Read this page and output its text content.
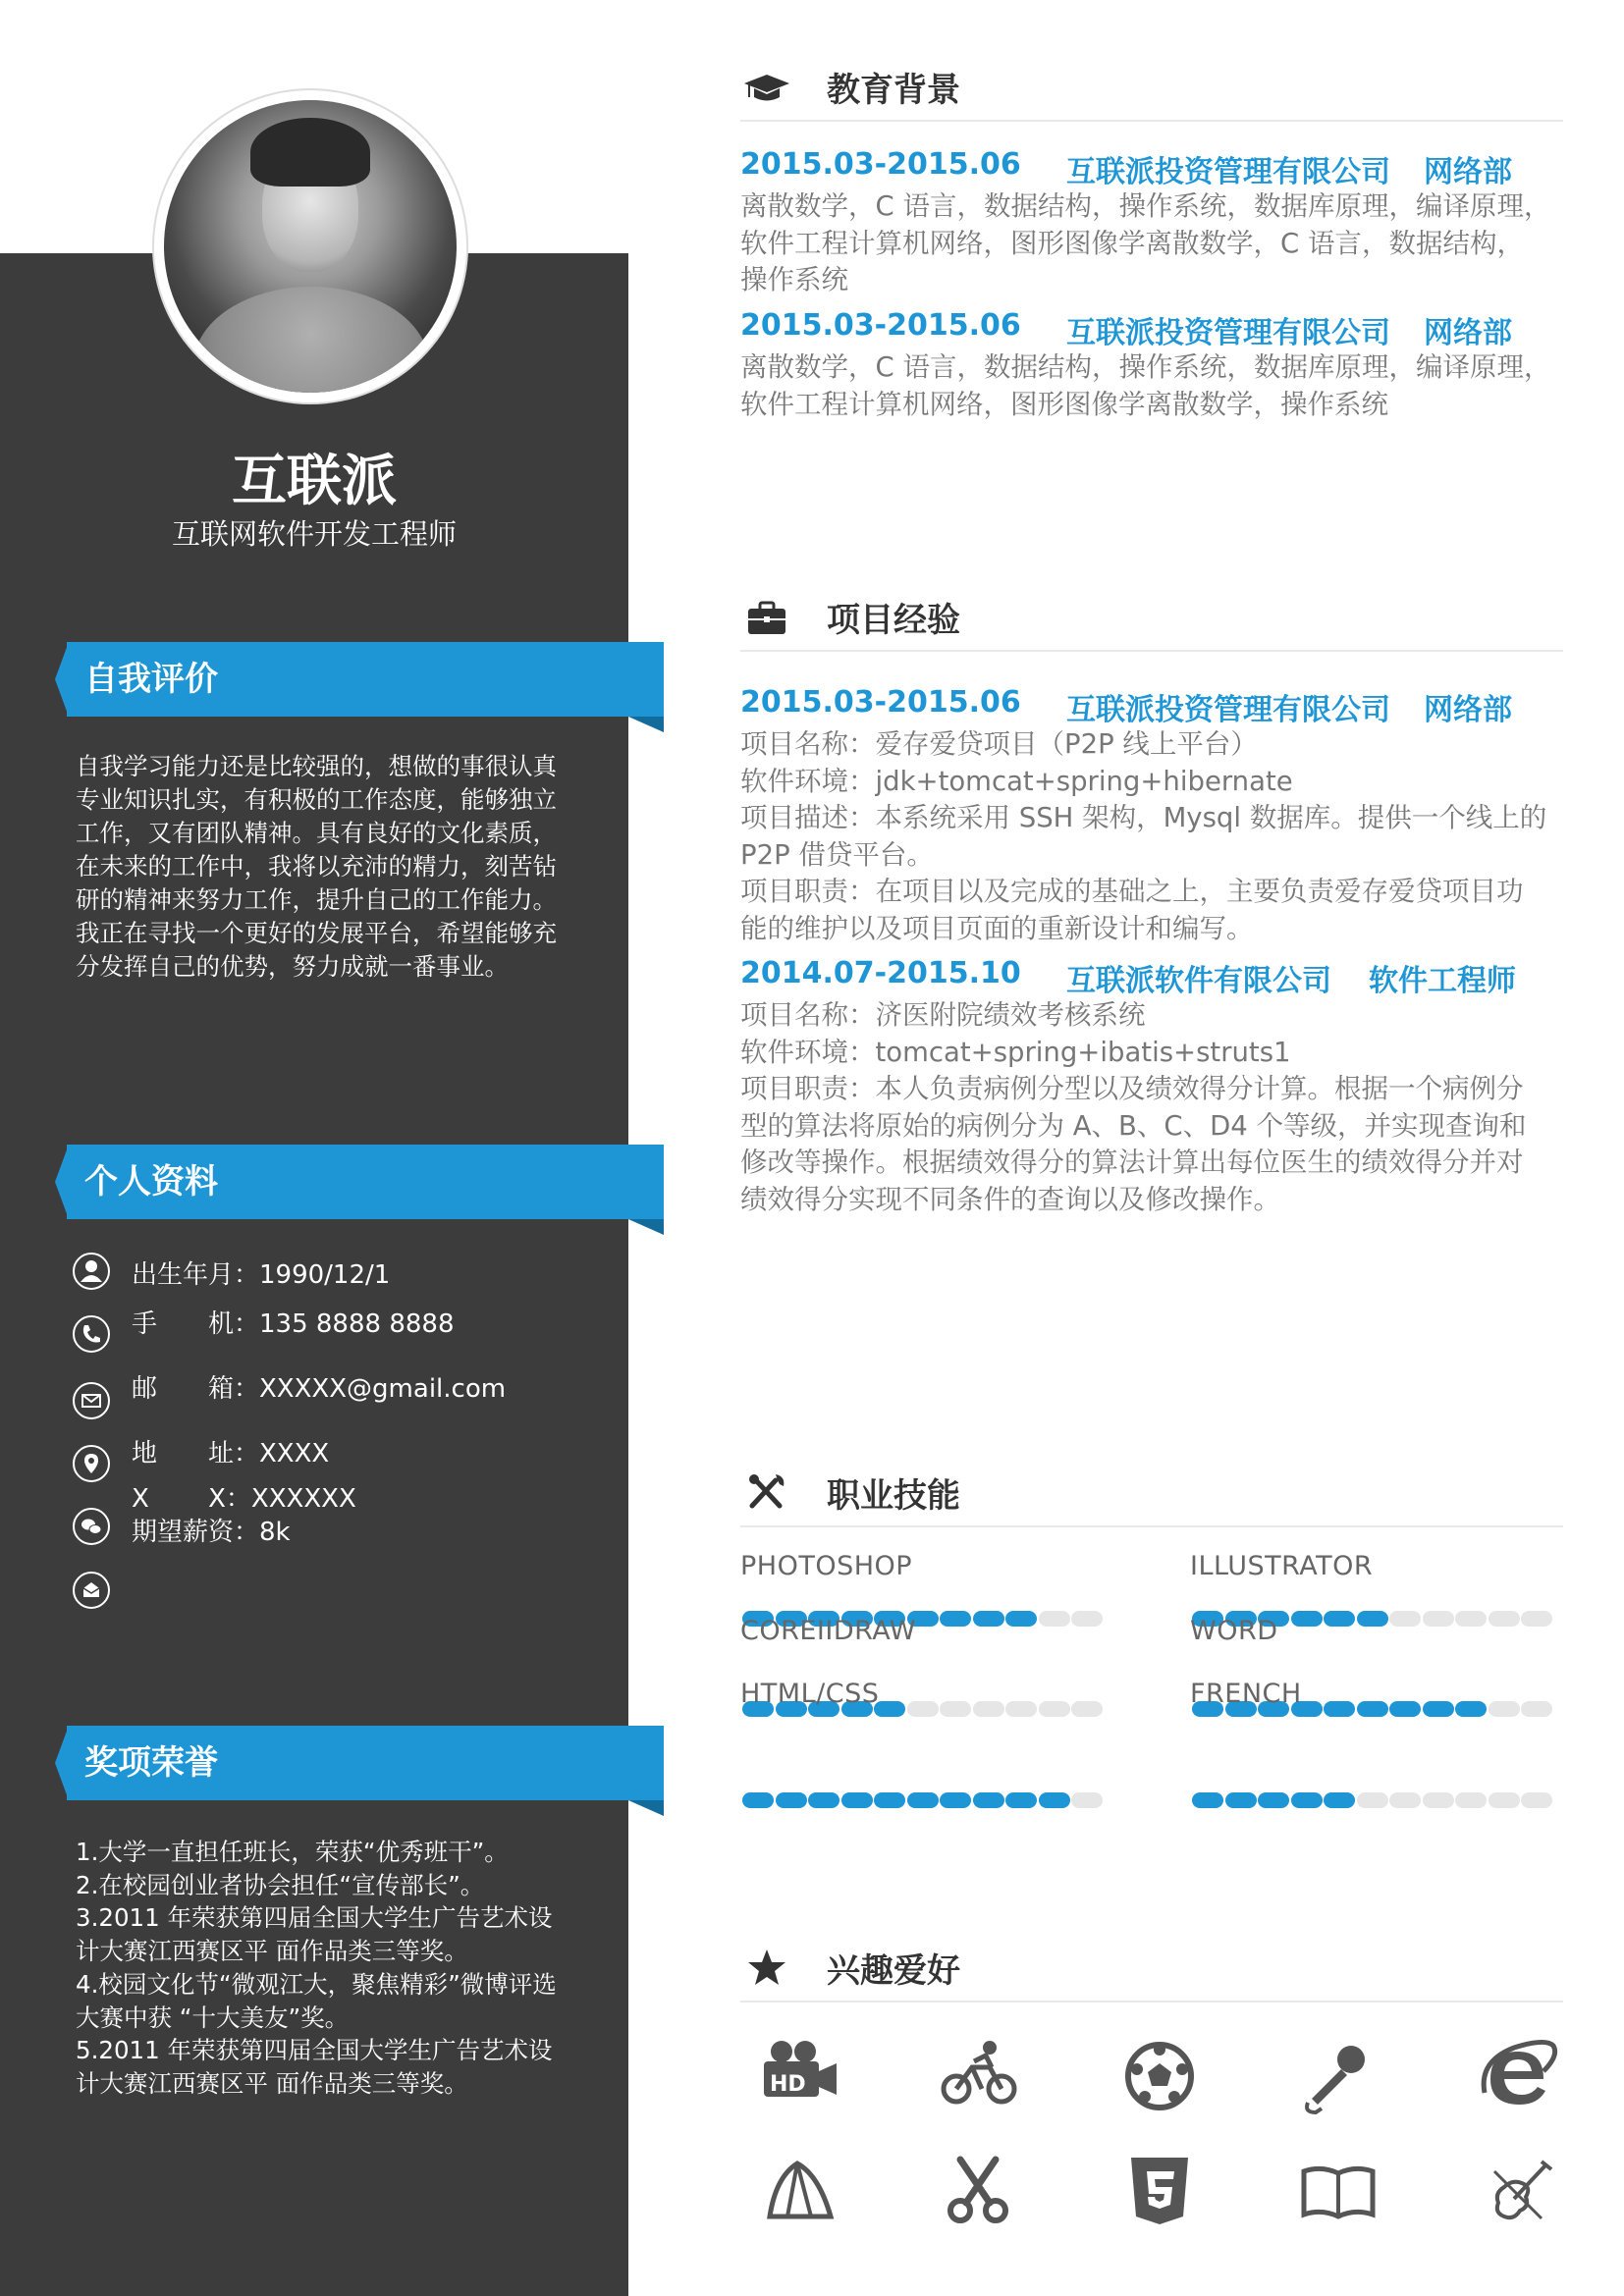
互联派
互联网软件开发工程师
自我评价
自我学习能力还是比较强的，想做的事很认真
专业知识扎实，有积极的工作态度，能够独立
工作，又有团队精神。具有良好的文化素质，
在未来的工作中，我将以充沛的精力，刻苦钻
研的精神来努力工作，提升自己的工作能力。
我正在寻找一个更好的发展平台，希望能够充
分发挥自己的优势，努力成就一番事业。
个人资料
出生年月：1990/12/1
手　　机：135 8888 8888
邮　　箱：XXXXX@gmail.com
地　　址：XXXX
X　　 X：XXXXXX
期望薪资：8k
奖项荣誉
1.大学一直担任班长，荣获“优秀班干”。
2.在校园创业者协会担任“宣传部长”。
3.2011 年荣获第四届全国大学生广告艺术设
计大赛江西赛区平 面作品类三等奖。
4.校园文化节“微观江大，聚焦精彩”微博评选
大赛中获 “十大美友”奖。
5.2011 年荣获第四届全国大学生广告艺术设
计大赛江西赛区平 面作品类三等奖。
教育背景
2015.03-2015.06 互联派投资管理有限公司 网络部
离散数学，C 语言，数据结构，操作系统，数据库原理，编译原理，
软件工程计算机网络，图形图像学离散数学，C 语言，数据结构，
操作系统
2015.03-2015.06 互联派投资管理有限公司 网络部
离散数学，C 语言，数据结构，操作系统，数据库原理，编译原理，
软件工程计算机网络，图形图像学离散数学，操作系统
项目经验
2015.03-2015.06 互联派投资管理有限公司 网络部
项目名称：爱存爱贷项目（P2P 线上平台）
软件环境：jdk+tomcat+spring+hibernate
项目描述：本系统采用 SSH 架构，Mysql 数据库。提供一个线上的
P2P 借贷平台。
项目职责：在项目以及完成的基础之上，主要负责爱存爱贷项目功
能的维护以及项目页面的重新设计和编写。
2014.07-2015.10 互联派软件有限公司 软件工程师
项目名称：济医附院绩效考核系统
软件环境：tomcat+spring+ibatis+struts1
项目职责：本人负责病例分型以及绩效得分计算。根据一个病例分
型的算法将原始的病例分为 A、B、C、D4 个等级，并实现查询和
修改等操作。根据绩效得分的算法计算出每位医生的绩效得分并对
绩效得分实现不同条件的查询以及修改操作。
职业技能
PHOTOSHOP	ILLUSTRATOR
COREIIDRAW	WORD
HTML/CSS	FRENCH
兴趣爱好
HD
